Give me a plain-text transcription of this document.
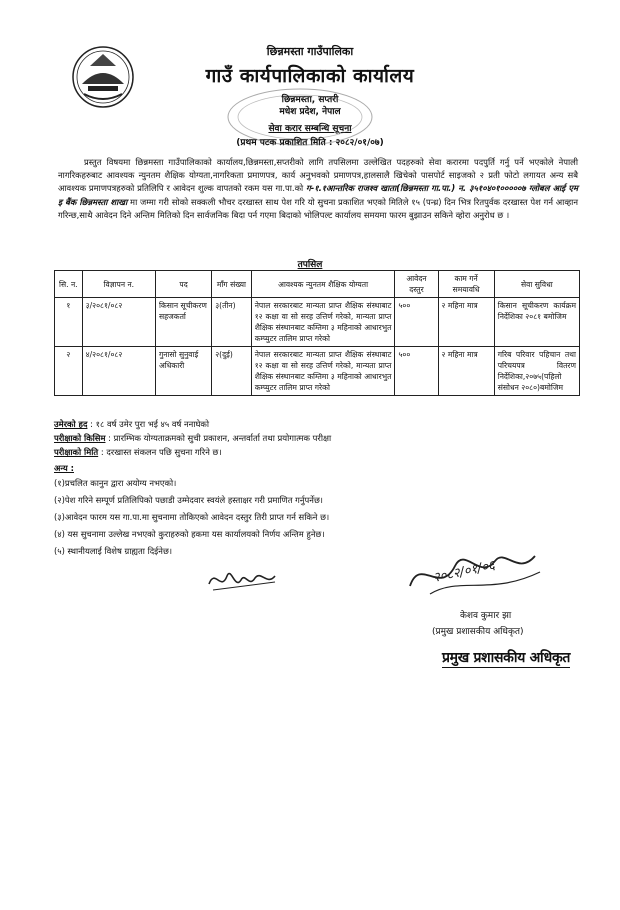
छिन्नमस्ता गाउँपालिका
गाउँ कार्यपालिकाको कार्यालय
छिन्नमस्ता, सप्तरी
मधेश प्रदेश, नेपाल
सेवा करार सम्बन्धि सूचना
(प्रथम पटक प्रकाशित मिति : २०८२/०१/०७)
प्रस्तुत विषयमा छिन्नमस्ता गाउँपालिकाको कार्यालय,छिन्नमस्ता,सप्तरीको लागि तपसिलमा उल्लेखित पदहरुको सेवा करारमा पदपुर्ति गर्नु पर्ने भएकोले नेपाली नागरिकहरुबाट आवश्यक न्युनतम शैक्षिक योग्यता,नागरिकता प्रमाणपत्र, कार्य अनुभवको प्रमाणपत्र,हालसालै खिचेको पासपोर्ट साइजको २ प्रती फोटो लगायत अन्य सबै आवश्यक प्रमाणपत्रहरुको प्रतिलिपि र आवेदन शुल्क वापतको रकम यस गा.पा.को ग-१.१आन्तरिक राजश्व खाता(छिन्नमस्ता गा.पा.) न. ३५१०४०१०००००७ ग्लोबल आई एम इ बैंक छिन्नमस्ता शाखा मा जम्मा गरी सोको सक्कली भौचर दरखास्त साथ पेश गरि यो सुचना प्रकाशित भएको मितिले १५ (पन्ध्र) दिन भित्र रितपुर्वक दरखास्त पेश गर्न आव्हान गरिन्छ,साथै आवेदन दिने अन्तिम मितिको दिन सार्वजनिक बिदा पर्न गएमा बिदाको भोलिपल्ट कार्यालय समयमा फारम बुझाउन सकिने व्होरा अनुरोध छ ।
तपसिल
सि. न.	विज्ञापन न.	पद	माँग संख्या	आवश्यक न्युनतम शैक्षिक योग्यता	आवेदन दस्तुर	काम गर्ने समयावधि	सेवा सुविधा
१	३/२०८१/०८२	किसान सूचीकरण सहजकर्ता	३(तीन)	नेपाल सरकारबाट मान्यता प्राप्त शैक्षिक संस्थाबाट १२ कक्षा वा सो सरह उत्तिर्ण गरेको, मान्यता प्राप्त शैक्षिक संस्थानबाट कम्तिमा ३ महिनाको आधारभुत कम्प्युटर तालिम प्राप्त गरेको	५००	२ महिना मात्र	किसान सूचीकरण कार्यक्रम निर्देशिका २०८१ बमोजिम
२	४/२०८१/०८२	गुनासो सुनुवाई अधिकारी	२(दुई)	नेपाल सरकारबाट मान्यता प्राप्त शैक्षिक संस्थाबाट १२ कक्षा वा सो सरह उत्तिर्ण गरेको, मान्यता प्राप्त शैक्षिक संस्थानबाट कम्तिमा ३ महिनाको आधारभुत कम्प्युटर तालिम प्राप्त गरेको	५००	२ महिना मात्र	गरिब परिवार पहिचान तथा परिचयपत्र वितरण निर्देशिका,२०७५(पहिलो संसोधन २०८०)बमोजिम
उमेरको हद : १८ वर्ष उमेर पुरा भई ४५ वर्ष ननाघेको
परीक्षाको किसिम : प्रारम्भिक योग्यताक्रमको सुची प्रकाशन, अन्तर्वार्ता तथा प्रयोगात्मक परीक्षा
परीक्षाको मिति : दरखास्त संकलन पछि सुचना गरिने छ।
अन्य :
(१)प्रचलित कानुन द्वारा अयोग्य नभएको।
(२)पेश गरिने सम्पूर्ण प्रतिलिपिको पछाडी उम्मेदवार स्वयंले हस्ताक्षर गरी प्रमाणित गर्नुपर्नेछ।
(३)आवेदन फारम यस गा.पा.मा सुचनामा तोकिएको आवेदन दस्तुर तिरी प्राप्त गर्न सकिने छ।
(४) यस सुचनामा उल्लेख नभएको कुराहरुको हकमा यस कार्यालयको निर्णय अन्तिम हुनेछ।
(५) स्थानीयलाई विशेष ग्राह्यता दिईनेछ।
२०८२/०१/०६
केशव कुमार झा
(प्रमुख प्रशासकीय अधिकृत)
प्रमुख प्रशासकीय अधिकृत
